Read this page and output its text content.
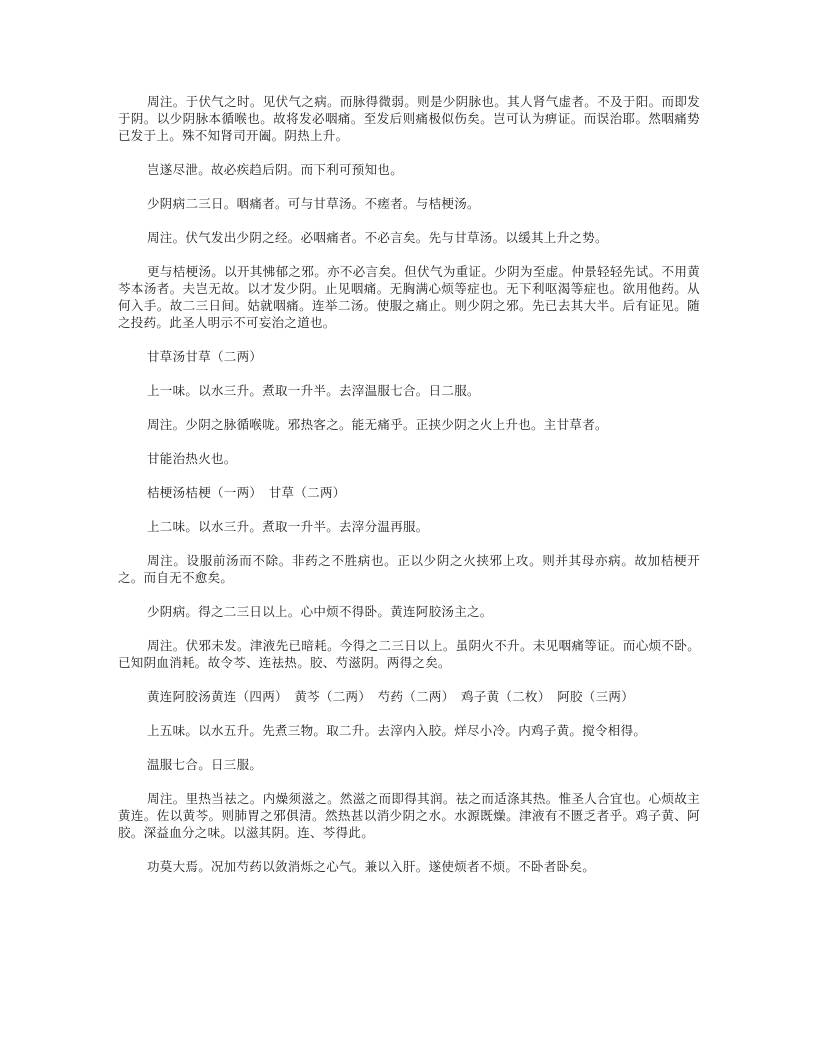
周注。于伏气之时。见伏气之病。而脉得微弱。则是少阴脉也。其人肾气虚者。不及于阳。而即发于阴。以少阴脉本循喉也。故将发必咽痛。至发后则痛极似伤矣。岂可认为痹证。而误治耶。然咽痛势已发于上。殊不知肾司开阖。阴热上升。

岂遂尽泄。故必疾趋后阴。而下利可预知也。

少阴病二三日。咽痛者。可与甘草汤。不瘥者。与桔梗汤。

周注。伏气发出少阴之经。必咽痛者。不必言矣。先与甘草汤。以缓其上升之势。

更与桔梗汤。以开其怫郁之邪。亦不必言矣。但伏气为重证。少阴为至虚。仲景轻轻先试。不用黄芩本汤者。夫岂无故。以才发少阴。止见咽痛。无胸满心烦等症也。无下利呕渴等症也。欲用他药。从何入手。故二三日间。姑就咽痛。连举二汤。使服之痛止。则少阴之邪。先已去其大半。后有证见。随之投药。此圣人明示不可妄治之道也。

甘草汤甘草（二两）

上一味。以水三升。煮取一升半。去滓温服七合。日二服。

周注。少阴之脉循喉咙。邪热客之。能无痛乎。正挟少阴之火上升也。主甘草者。

甘能治热火也。

桔梗汤桔梗（一两）　甘草（二两）

上二味。以水三升。煮取一升半。去滓分温再服。

周注。设服前汤而不除。非药之不胜病也。正以少阴之火挟邪上攻。则并其母亦病。故加桔梗开之。而自无不愈矣。

少阴病。得之二三日以上。心中烦不得卧。黄连阿胶汤主之。

周注。伏邪未发。津液先已暗耗。今得之二三日以上。虽阴火不升。未见咽痛等证。而心烦不卧。已知阴血消耗。故令芩、连祛热。胶、芍滋阴。两得之矣。

黄连阿胶汤黄连（四两）　黄芩（二两）　芍药（二两）　鸡子黄（二枚）　阿胶（三两）

上五味。以水五升。先煮三物。取二升。去滓内入胶。烊尽小冷。内鸡子黄。搅令相得。

温服七合。日三服。

周注。里热当祛之。内燥须滋之。然滋之而即得其润。祛之而适涤其热。惟圣人合宜也。心烦故主黄连。佐以黄芩。则肺胃之邪俱清。然热甚以消少阴之水。水源既燥。津液有不匮乏者乎。鸡子黄、阿胶。深益血分之味。以滋其阴。连、芩得此。

功莫大焉。况加芍药以敛消烁之心气。兼以入肝。遂使烦者不烦。不卧者卧矣。
